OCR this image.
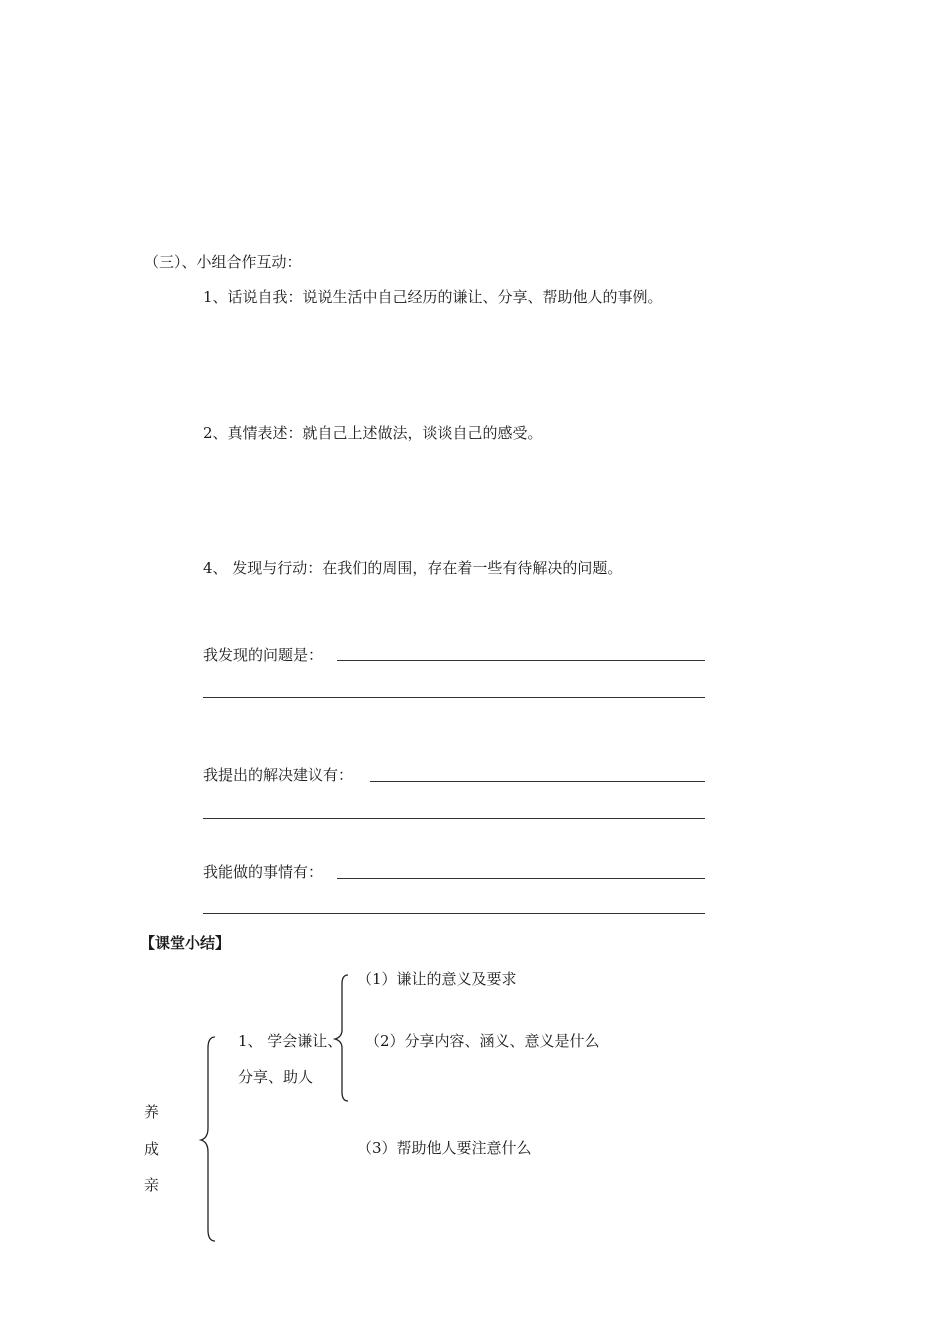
（三）、小组合作互动：
1、话说自我：说说生活中自己经历的谦让、分享、帮助他人的事例。
2、真情表述：就自己上述做法，谈谈自己的感受。
4、 发现与行动：在我们的周围，存在着一些有待解决的问题。
我发现的问题是：
我提出的解决建议有：
我能做的事情有：
【课堂小结】
（1）谦让的意义及要求
1、 学会谦让、 （2）分享内容、涵义、意义是什么
分享、助人
养
成
亲
（3）帮助他人要注意什么
